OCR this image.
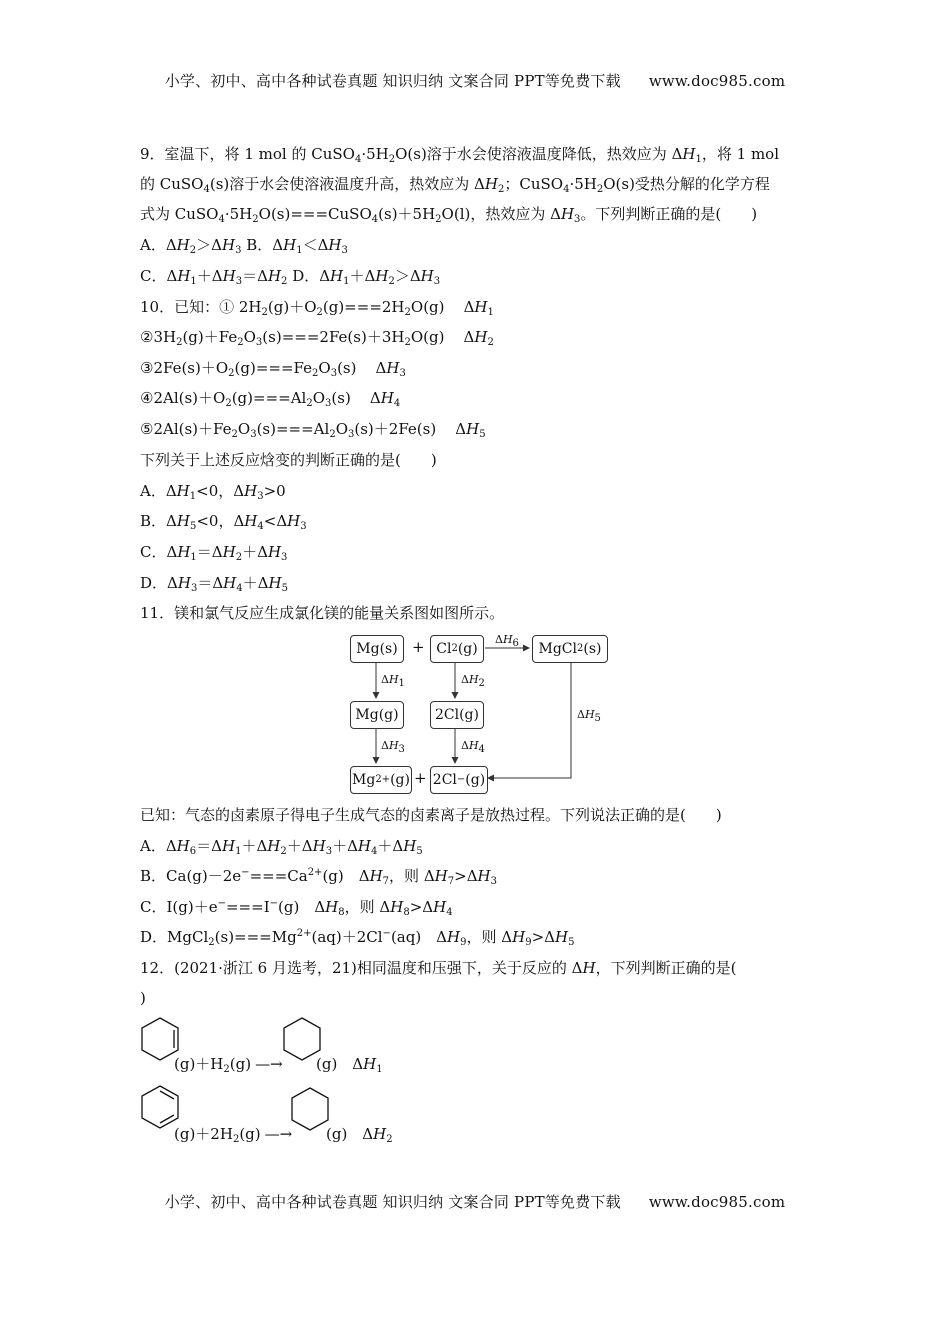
小学、初中、高中各种试卷真题 知识归纳 文案合同 PPT等免费下载 www.doc985.com
9．室温下，将 1 mol 的 $CuSO_4\cdot 5H_2O(s)$溶于水会使溶液温度降低，热效应为 $\Delta H_1$，将 1 mol
的 CuSO$_4$(s)溶于水会使溶液温度升高，热效应为 $\Delta H_2$；$CuSO_4\cdot 5H_2O(s)$受热分解的化学方程
式为 $CuSO_4\cdot 5H_2O(s)===CuSO_4(s)+5H_2O(l)$，热效应为 $\Delta H_3$。下列判断正确的是(　　)
A．$\Delta H_2>\Delta H_3$ B．$\Delta H_1<\Delta H_3$
C．$\Delta H_1+\Delta H_3=\Delta H_2$ D．$\Delta H_1+\Delta H_2>\Delta H_3$
10．已知：① $2H_2(g)+O_2(g)===2H_2O(g)$    $\Delta H_1$
$②3H_2(g)+Fe_2O_3(s)===2Fe(s)+3H_2O(g)$    $\Delta H_2$
$③2Fe(s)+O_2(g)===Fe_2O_3(s)$    $\Delta H_3$
$④2Al(s)+O_2(g)===Al_2O_3(s)$    $\Delta H_4$
$⑤2Al(s)+Fe_2O_3(s)===Al_2O_3(s)+2Fe(s)$    $\Delta H_5$
下列关于上述反应焓变的判断正确的是(　　)
A．$\Delta H_1<0$，$\Delta H_3>0$
B．$\Delta H_5<0$，$\Delta H_4<\Delta H_3$
C．$\Delta H_1=\Delta H_2+\Delta H_3$
D．$\Delta H_3=\Delta H_4+\Delta H_5$
11．镁和氯气反应生成氯化镁的能量关系图如图所示。
Mg(s) + Cl 2 (g)	MgCl 2 (s)
Mg(g)	2Cl(g)
Mg 2+ (g) + 2Cl − (g)
$\Delta H_1$
$\Delta H_3$
$\Delta H_2$
$\Delta H_4$
$\Delta H_6$
$\Delta H_5$
已知：气态的卤素原子得电子生成气态的卤素离子是放热过程。下列说法正确的是(　　)
A．$\Delta H_6=\Delta H_1+\Delta H_2+\Delta H_3+\Delta H_4+\Delta H_5$
B．$Ca(g)-2e^-===Ca^{2+}(g)$　$\Delta H_7$，则 $\Delta H_7>\Delta H_3$
C．I(g)＋e−===I−(g)　$\Delta H_8$，则 $\Delta H_8>\Delta H_4$
D．$MgCl_2(s)===Mg^{2+}(aq)+2Cl^-(aq)$　$\Delta H_9$，则 $\Delta H_9>\Delta H_5$
12．(2021·浙江 6 月选考，21)相同温度和压强下，关于反应的 ΔH，下列判断正确的是(
)
$(g)+H_2(g)$ —→ (g)　$\Delta H_1$
$(g)+2H_2(g)$ —→ (g)　$\Delta H_2$
小学、初中、高中各种试卷真题 知识归纳 文案合同 PPT等免费下载 www.doc985.com
